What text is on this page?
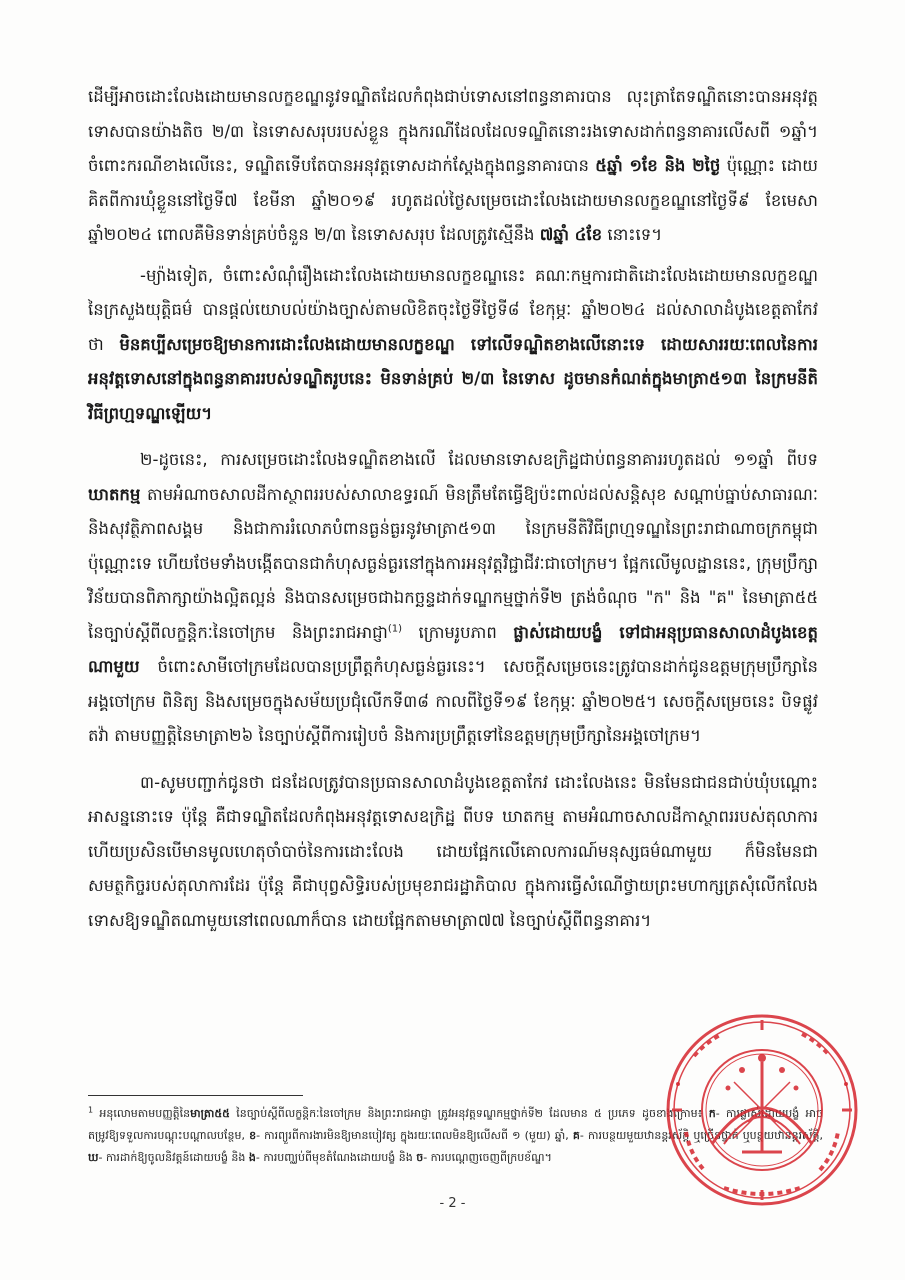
ដើម្បីអាចដោះលែងដោយមានលក្ខខណ្ឌនូវទណ្ឌិតដែលកំពុងជាប់ទោសនៅពន្ធនាគារបាន លុះត្រាតែទណ្ឌិតនោះបានអនុវត្តទោសបានយ៉ាងតិច ២/៣ នៃទោសសរុបរបស់ខ្លួន ក្នុងករណីដែលដែលទណ្ឌិតនោះរងទោសដាក់ពន្ធនាគារលើសពី ១ឆ្នាំ។ ចំពោះករណីខាងលើនេះ, ទណ្ឌិតទើបតែបានអនុវត្តទោសដាក់ស្តែងក្នុងពន្ធនាគារបាន ៥ឆ្នាំ ១ខែ និង ២ថ្ងៃ ប៉ុណ្ណោះ ដោយគិតពីការឃុំខ្លួននៅថ្ងៃទី៧ ខែមីនា ឆ្នាំ២០១៩ រហូតដល់ថ្ងៃសម្រេចដោះលែងដោយមានលក្ខខណ្ឌនៅថ្ងៃទី៩ ខែមេសា ឆ្នាំ២០២៤ ពោលគឺមិនទាន់គ្រប់ចំនួន ២/៣ នៃទោសសរុប ដែលត្រូវស្មើនឹង ៧ឆ្នាំ ៤ខែ នោះទេ។

-ម្យ៉ាងទៀត, ចំពោះសំណុំរឿងដោះលែងដោយមានលក្ខខណ្ឌនេះ គណៈកម្មការជាតិដោះលែងដោយមានលក្ខខណ្ឌនៃក្រសួងយុត្តិធម៌ បានផ្តល់យោបល់យ៉ាងច្បាស់តាមលិខិតចុះថ្ងៃទីថ្ងៃទី៨ ខែកុម្ភៈ ឆ្នាំ២០២៤ ដល់សាលាដំបូងខេត្តតាកែវ ថា មិនគប្បីសម្រេចឱ្យមានការដោះលែងដោយមានលក្ខខណ្ឌ ទៅលើទណ្ឌិតខាងលើនោះទេ ដោយសាររយៈពេលនៃការអនុវត្តទោសនៅក្នុងពន្ធនាគាររបស់ទណ្ឌិតរូបនេះ មិនទាន់គ្រប់ ២/៣ នៃទោស ដូចមានកំណត់ក្នុងមាត្រា៥១៣ នៃក្រមនីតិវិធីព្រហ្មទណ្ឌឡើយ។

២-ដូចនេះ, ការសម្រេចដោះលែងទណ្ឌិតខាងលើ ដែលមានទោសឧក្រិដ្ឋជាប់ពន្ធនាគាររហូតដល់ ១១ឆ្នាំ ពីបទ ឃាតកម្ម តាមអំណាចសាលដីកាស្ថាពររបស់សាលាឧទ្ធរណ៍ មិនត្រឹមតែធ្វើឱ្យប៉ះពាល់ដល់សន្តិសុខ សណ្តាប់ធ្នាប់សាធារណៈ និងសុវត្ថិភាពសង្គម និងជាការរំលោភបំពានធ្ងន់ធ្ងរនូវមាត្រា៥១៣ នៃក្រមនីតិវិធីព្រហ្មទណ្ឌនៃព្រះរាជាណាចក្រកម្ពុជា ប៉ុណ្ណោះទេ ហើយថែមទាំងបង្កើតបានជាកំហុសធ្ងន់ធ្ងរនៅក្នុងការអនុវត្តវិជ្ជាជីវៈជាចៅក្រម។ ផ្អែកលើមូលដ្ឋាននេះ, ក្រុមប្រឹក្សាវិន័យបានពិភាក្សាយ៉ាងល្អិតល្អន់ និងបានសម្រេចជាឯកច្ឆន្ទដាក់ទណ្ឌកម្មថ្នាក់ទី២ ត្រង់ចំណុច "ក" និង "គ" នៃមាត្រា៥៥ នៃច្បាប់ស្តីពីលក្ខន្តិកៈនៃចៅក្រម និងព្រះរាជអាជ្ញា$^{(1)}$ ក្រោមរូបភាព ផ្លាស់ដោយបង្ខំ ទៅជាអនុប្រធានសាលាដំបូងខេត្តណាមួយ ចំពោះសាមីចៅក្រមដែលបានប្រព្រឹត្តកំហុសធ្ងន់ធ្ងរនេះ។ សេចក្តីសម្រេចនេះត្រូវបានដាក់ជូនឧត្តមក្រុមប្រឹក្សានៃអង្គចៅក្រម ពិនិត្យ និងសម្រេចក្នុងសម័យប្រជុំលើកទី៣៨ កាលពីថ្ងៃទី១៩ ខែកុម្ភៈ ឆ្នាំ២០២៥។ សេចក្តីសម្រេចនេះ បិទផ្លូវតវ៉ា តាមបញ្ញត្តិនៃមាត្រា២៦ នៃច្បាប់ស្តីពីការរៀបចំ និងការប្រព្រឹត្តទៅនៃឧត្តមក្រុមប្រឹក្សានៃអង្គចៅក្រម។

៣-សូមបញ្ជាក់ជូនថា ជនដែលត្រូវបានប្រធានសាលាដំបូងខេត្តតាកែវ ដោះលែងនេះ មិនមែនជាជនជាប់ឃុំបណ្តោះអាសន្ននោះទេ ប៉ុន្តែ គឺជាទណ្ឌិតដែលកំពុងអនុវត្តទោសឧក្រិដ្ឋ ពីបទ ឃាតកម្ម តាមអំណាចសាលដីកាស្ថាពររបស់តុលាការ ហើយប្រសិនបើមានមូលហេតុចាំបាច់នៃការដោះលែង ដោយផ្អែកលើគោលការណ៍មនុស្សធម៌ណាមួយ ក៏មិនមែនជាសមត្ថកិច្ចរបស់តុលាការដែរ ប៉ុន្តែ គឺជាបុព្វសិទ្ធិរបស់ប្រមុខរាជរដ្ឋាភិបាល ក្នុងការធ្វើសំណើថ្វាយព្រះមហាក្សត្រសុំលើកលែងទោសឱ្យទណ្ឌិតណាមួយនៅពេលណាក៏បាន ដោយផ្អែកតាមមាត្រា៧៧ នៃច្បាប់ស្តីពីពន្ធនាគារ។

$^1$ អនុលោមតាមបញ្ញត្តិនៃមាត្រា៥៥ នៃច្បាប់ស្តីពីលក្ខន្តិកៈនៃចៅក្រម និងព្រះរាជអាជ្ញា ត្រូវអនុវត្តទណ្ឌកម្មថ្នាក់ទី២ ដែលមាន ៥ ប្រភេទ ដូចខាងក្រោម៖ ក- ការផ្លាស់ដោយបង្ខំ អាចតម្រូវឱ្យទទួលការបណ្តុះបណ្តាលបន្ថែម, ខ- ការព្យួរពីការងារមិនឱ្យមានបៀវត្ស ក្នុងរយៈពេលមិនឱ្យលើសពី ១ (មួយ) ឆ្នាំ, គ- ការបន្ថយមួយឋានន្តរស័ក្តិ ឬច្រើនថ្នាក់ ឬបន្ថយឋានន្តរស័ក្តិ, ឃ- ការដាក់ឱ្យចូលនិវត្តន៍ដោយបង្ខំ និង ង- ការបញ្ឈប់ពីមុខតំណែងដោយបង្ខំ និង ច- ការបណ្តេញចេញពីក្របខ័ណ្ឌ។
- 2 -
